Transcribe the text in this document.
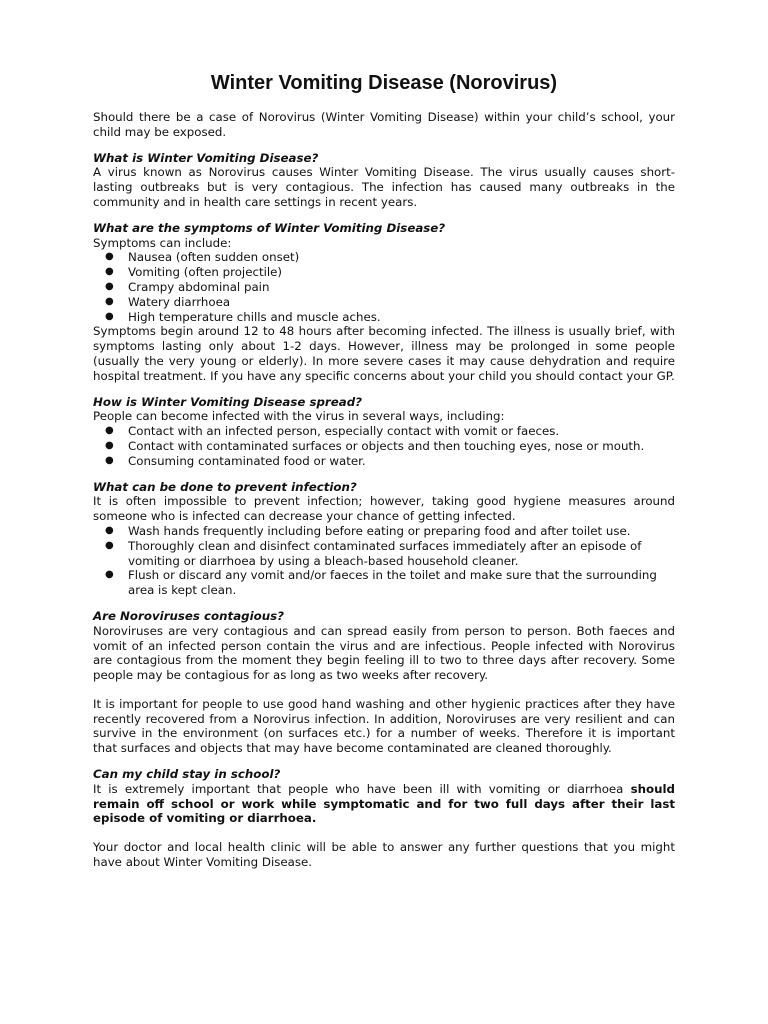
Winter Vomiting Disease (Norovirus)

Should there be a case of Norovirus (Winter Vomiting Disease) within your child’s school, your child may be exposed.

What is Winter Vomiting Disease?

A virus known as Norovirus causes Winter Vomiting Disease. The virus usually causes short-lasting outbreaks but is very contagious. The infection has caused many outbreaks in the community and in health care settings in recent years.

What are the symptoms of Winter Vomiting Disease?

Symptoms can include:

● Nausea (often sudden onset)
● Vomiting (often projectile)
● Crampy abdominal pain
● Watery diarrhoea
● High temperature chills and muscle aches.

Symptoms begin around 12 to 48 hours after becoming infected. The illness is usually brief, with symptoms lasting only about 1-2 days. However, illness may be prolonged in some people (usually the very young or elderly). In more severe cases it may cause dehydration and require hospital treatment. If you have any specific concerns about your child you should contact your GP.

How is Winter Vomiting Disease spread?

People can become infected with the virus in several ways, including:

● Contact with an infected person, especially contact with vomit or faeces.
● Contact with contaminated surfaces or objects and then touching eyes, nose or mouth.
● Consuming contaminated food or water.
What can be done to prevent infection?

It is often impossible to prevent infection; however, taking good hygiene measures around someone who is infected can decrease your chance of getting infected.

● Wash hands frequently including before eating or preparing food and after toilet use.
● Thoroughly clean and disinfect contaminated surfaces immediately after an episode of vomiting or diarrhoea by using a bleach-based household cleaner.
● Flush or discard any vomit and/or faeces in the toilet and make sure that the surrounding area is kept clean.
Are Noroviruses contagious?

Noroviruses are very contagious and can spread easily from person to person. Both faeces and vomit of an infected person contain the virus and are infectious. People infected with Norovirus are contagious from the moment they begin feeling ill to two to three days after recovery. Some people may be contagious for as long as two weeks after recovery.

It is important for people to use good hand washing and other hygienic practices after they have recently recovered from a Norovirus infection. In addition, Noroviruses are very resilient and can survive in the environment (on surfaces etc.) for a number of weeks. Therefore it is important that surfaces and objects that may have become contaminated are cleaned thoroughly.

Can my child stay in school?

It is extremely important that people who have been ill with vomiting or diarrhoea should remain off school or work while symptomatic and for two full days after their last episode of vomiting or diarrhoea.

Your doctor and local health clinic will be able to answer any further questions that you might have about Winter Vomiting Disease.
